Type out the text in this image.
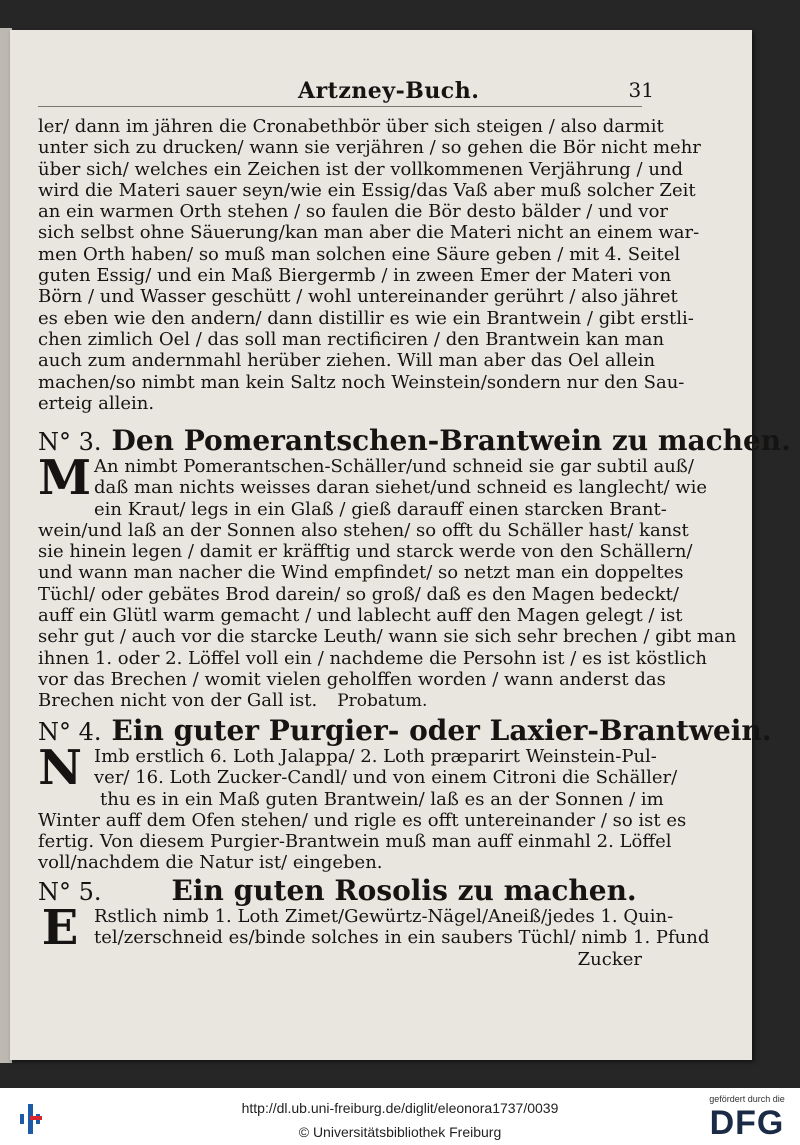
Artzney-Buch.	31
ler/ dann im jähren die Cronabethbör über sich steigen / also darmit
unter sich zu drucken/ wann sie verjähren / so gehen die Bör nicht mehr
über sich/ welches ein Zeichen ist der vollkommenen Verjährung / und
wird die Materi sauer seyn/wie ein Essig/das Vaß aber muß solcher Zeit
an ein warmen Orth stehen / so faulen die Bör desto bälder / und vor
sich selbst ohne Säuerung/kan man aber die Materi nicht an einem war-
men Orth haben/ so muß man solchen eine Säure geben / mit 4. Seitel
guten Essig/ und ein Maß Biergermb / in zween Emer der Materi von
Börn / und Wasser geschütt / wohl untereinander gerührt / also jähret
es eben wie den andern/ dann distillir es wie ein Brantwein / gibt erstli-
chen zimlich Oel / das soll man rectificiren / den Brantwein kan man
auch zum andernmahl herüber ziehen. Will man aber das Oel allein
machen/so nimbt man kein Saltz noch Weinstein/sondern nur den Sau-
erteig allein.
N° 3. Den Pomerantschen-Brantwein zu machen.
M An nimbt Pomerantschen-Schäller/und schneid sie gar subtil auß/
daß man nichts weisses daran siehet/und schneid es langlecht/ wie
ein Kraut/ legs in ein Glaß / gieß darauff einen starcken Brant-
wein/und laß an der Sonnen also stehen/ so offt du Schäller hast/ kanst
sie hinein legen / damit er kräfftig und starck werde von den Schällern/
und wann man nacher die Wind empfindet/ so netzt man ein doppeltes
Tüchl/ oder gebätes Brod darein/ so groß/ daß es den Magen bedeckt/
auff ein Glütl warm gemacht / und lablecht auff den Magen gelegt / ist
sehr gut / auch vor die starcke Leuth/ wann sie sich sehr brechen / gibt man
ihnen 1. oder 2. Löffel voll ein / nachdeme die Persohn ist / es ist köstlich
vor das Brechen / womit vielen geholffen worden / wann anderst das
Brechen nicht von der Gall ist. Probatum.
N° 4. Ein guter Purgier- oder Laxier-Brantwein.
N Imb erstlich 6. Loth Jalappa/ 2. Loth præparirt Weinstein-Pul-
ver/ 16. Loth Zucker-Candl/ und von einem Citroni die Schäller/
thu es in ein Maß guten Brantwein/ laß es an der Sonnen / im
Winter auff dem Ofen stehen/ und rigle es offt untereinander / so ist es
fertig. Von diesem Purgier-Brantwein muß man auff einmahl 2. Löffel
voll/nachdem die Natur ist/ eingeben.
N° 5.	Ein guten Rosolis zu machen.
E Rstlich nimb 1. Loth Zimet/Gewürtz-Nägel/Aneiß/jedes 1. Quin-
tel/zerschneid es/binde solches in ein saubers Tüchl/ nimb 1. Pfund
Zucker
http://dl.ub.uni-freiburg.de/diglit/eleonora1737/0039
© Universitätsbibliothek Freiburg
gefördert durch die
DFG
